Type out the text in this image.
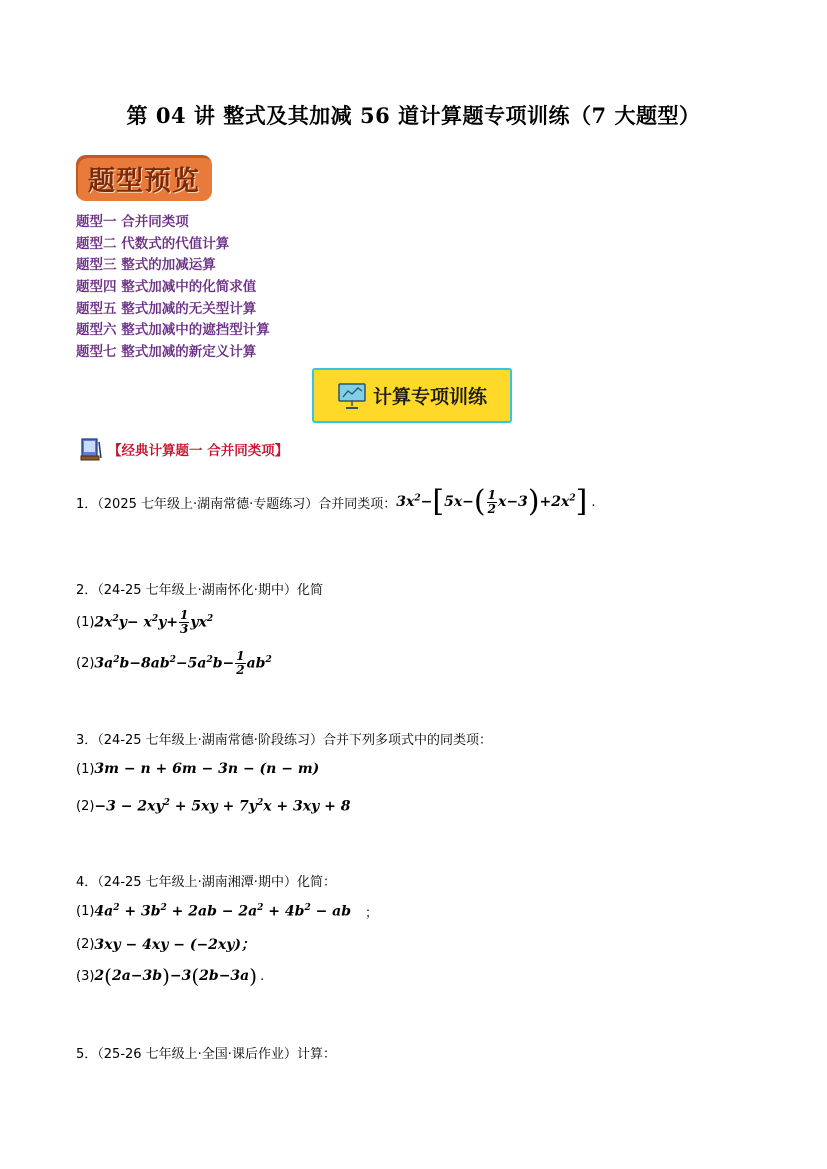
第 04 讲 整式及其加减 56 道计算题专项训练（7 大题型）
题型预览
题型一 合并同类项
题型二 代数式的代值计算
题型三 整式的加减运算
题型四 整式加减中的化简求值
题型五 整式加减的无关型计算
题型六 整式加减中的遮挡型计算
题型七 整式加减的新定义计算
计算专项训练
【经典计算题一 合并同类项】
1．（2025 七年级上·湖南常德·专题练习）合并同类项： $3x^2-[5x-( \frac{1}{2} x-3)+2x^2]$ .
2．（24-25 七年级上·湖南怀化·期中）化简
(1) $2x^2y- x^2y+ \frac{1}{3} yx^2$
(2) $3a^2b-8ab^2-5a^2b- \frac{1}{2} ab^2$
3．（24-25 七年级上·湖南常德·阶段练习）合并下列多项式中的同类项：
(1) 3m − n + 6m − 3n − (n − m)
$(2) -3 - 2xy^2 + 5xy + 7y^2x + 3xy + 8$
4．（24-25 七年级上·湖南湘潭·期中）化简：
(1) $4a^2 + 3b^2 + 2ab - 2a^2 + 4b^2$ − ab ；
(2) 3xy − 4xy − (−2xy)；
(3) 2(2a−3b)−3(2b−3a) .
5．（25-26 七年级上·全国·课后作业）计算：
